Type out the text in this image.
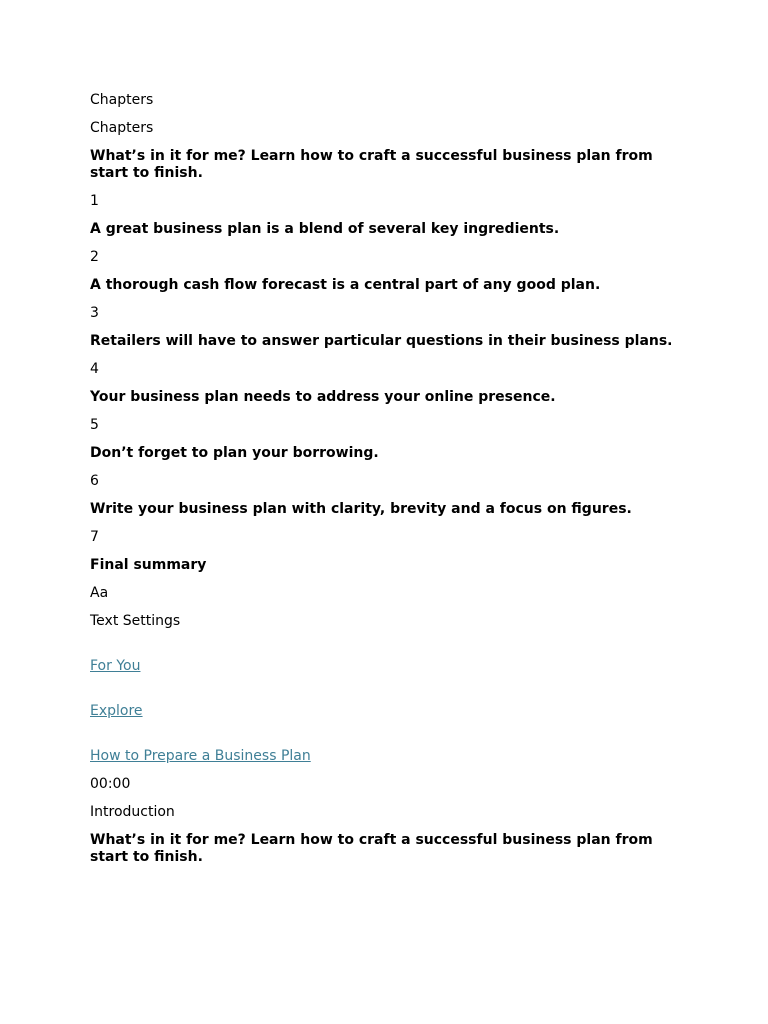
Chapters
Chapters
What’s in it for me? Learn how to craft a successful business plan from start to finish.
1
A great business plan is a blend of several key ingredients.
2
A thorough cash flow forecast is a central part of any good plan.
3
Retailers will have to answer particular questions in their business plans.
4
Your business plan needs to address your online presence.
5
Don’t forget to plan your borrowing.
6
Write your business plan with clarity, brevity and a focus on figures.
7
Final summary
Aa
Text Settings
For You
Explore
How to Prepare a Business Plan
00:00
Introduction
What’s in it for me? Learn how to craft a successful business plan from start to finish.
